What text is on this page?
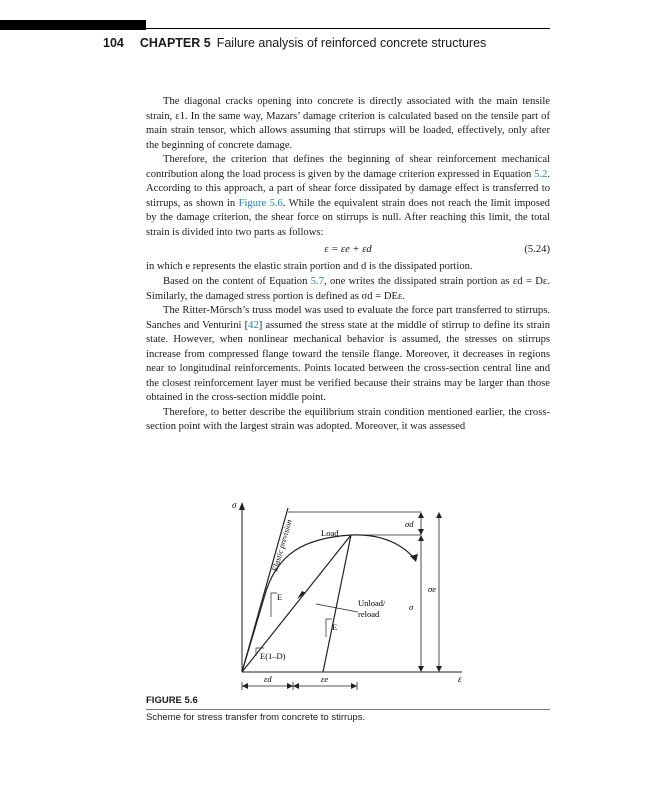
104 CHAPTER 5 Failure analysis of reinforced concrete structures

The diagonal cracks opening into concrete is directly associated with the main tensile strain, ε1. In the same way, Mazars’ damage criterion is calculated based on the tensile part of main strain tensor, which allows assuming that stirrups will be loaded, effectively, only after the beginning of concrete damage.

Therefore, the criterion that defines the beginning of shear reinforcement mechanical contribution along the load process is given by the damage criterion expressed in Equation 5.2. According to this approach, a part of shear force dissipated by damage effect is transferred to stirrups, as shown in Figure 5.6. While the equivalent strain does not reach the limit imposed by the damage criterion, the shear force on stirrups is null. After reaching this limit, the total strain is divided into two parts as follows:

ε = εe + εd	(5.24)

in which e represents the elastic strain portion and d is the dissipated portion.

Based on the content of Equation 5.7, one writes the dissipated strain portion as εd = Dε. Similarly, the damaged stress portion is defined as σd = DEε.

The Ritter-Mörsch’s truss model was used to evaluate the force part transferred to stirrups. Sanches and Venturini [42] assumed the stress state at the middle of stirrup to define its strain state. However, when nonlinear mechanical behavior is assumed, the stresses on stirrups increase from compressed flange toward the tensile flange. Moreover, it decreases in regions near to longitudinal reinforcements. Points located between the cross-section central line and the closest reinforcement layer must be verified because their strains may be larger than those obtained in the cross-section middle point.

Therefore, to better describe the equilibrium strain condition mentioned earlier, the cross-section point with the largest strain was adopted. Moreover, it was assessed

σ
ε
Elastic prevision	Load
Unload/
reload
E
E
E(1–D)
σd
σe
σ
εd	εe
FIGURE 5.6
Scheme for stress transfer from concrete to stirrups.
